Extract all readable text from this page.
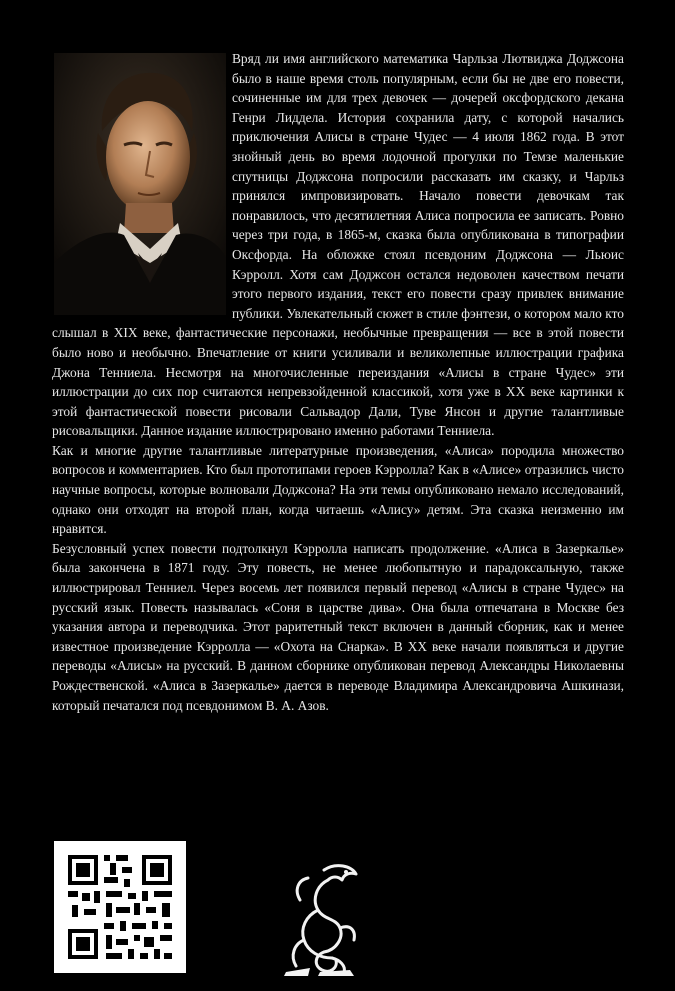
Вряд ли имя английского математика Чарльза Лютвиджа Доджсона было в наше время столь популярным, если бы не две его повести, сочиненные им для трех девочек — дочерей оксфордского декана Генри Лиддела. История сохранила дату, с которой начались приключения Алисы в стране Чудес — 4 июля 1862 года. В этот знойный день во время лодочной прогулки по Темзе маленькие спутницы Доджсона попросили рассказать им сказку, и Чарльз принялся импровизировать. Начало повести девочкам так понравилось, что десятилетняя Алиса попросила ее записать. Ровно через три года, в 1865-м, сказка была опубликована в типографии Оксфорда. На обложке стоял псевдоним Доджсона — Льюис Кэрролл. Хотя сам Доджсон остался недоволен качеством печати этого первого издания, текст его повести сразу привлек внимание публики. Увлекательный сюжет в стиле фэнтези, о котором мало кто слышал в XIX веке, фантастические персонажи, необычные превращения — все в этой повести было ново и необычно. Впечатление от книги усиливали и великолепные иллюстрации графика Джона Тенниела. Несмотря на многочисленные переиздания «Алисы в стране Чудес» эти иллюстрации до сих пор считаются непревзойденной классикой, хотя уже в XX веке картинки к этой фантастической повести рисовали Сальвадор Дали, Туве Янсон и другие талантливые рисовальщики. Данное издание иллюстрировано именно работами Тенниела.

Как и многие другие талантливые литературные произведения, «Алиса» породила множество вопросов и комментариев. Кто был прототипами героев Кэрролла? Как в «Алисе» отразились чисто научные вопросы, которые волновали Доджсона? На эти темы опубликовано немало исследований, однако они отходят на второй план, когда читаешь «Алису» детям. Эта сказка неизменно им нравится.

Безусловный успех повести подтолкнул Кэрролла написать продолжение. «Алиса в Зазеркалье» была закончена в 1871 году. Эту повесть, не менее любопытную и парадоксальную, также иллюстрировал Тенниел. Через восемь лет появился первый перевод «Алисы в стране Чудес» на русский язык. Повесть называлась «Соня в царстве дива». Она была отпечатана в Москве без указания автора и переводчика. Этот раритетный текст включен в данный сборник, как и менее известное произведение Кэрролла — «Охота на Снарка». В XX веке начали появляться и другие переводы «Алисы» на русский. В данном сборнике опубликован перевод Александры Николаевны Рождественской. «Алиса в Зазеркалье» дается в переводе Владимира Александровича Ашкинази, который печатался под псевдонимом В. А. Азов.
